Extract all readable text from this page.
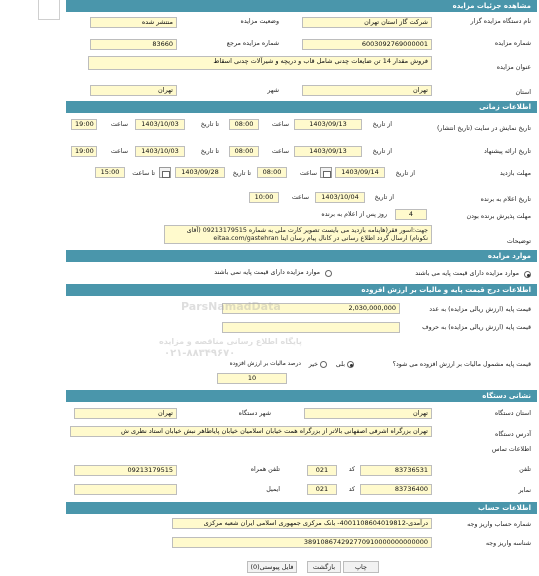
مشاهده جزئیات مزایده
نام دستگاه مزایده گزار
شرکت گاز استان تهران
وضعیت مزایده
منتشر شده
شماره مزایده
6003092769000001
شماره مزایده مرجع
83660
عنوان مزایده
فروش مقدار 14 تن ضایعات چدنی شامل قاب و دریچه و شیرآلات چدنی اسقاط
استان
تهران
شهر
تهران
اطلاعات زمانی
تاریخ نمایش در سایت (تاریخ انتشار)
از تاریخ
1403/09/13
ساعت
08:00
تا تاریخ
1403/10/03
ساعت
19:00
تاریخ ارائه پیشنهاد
از تاریخ
1403/09/13
ساعت
08:00
تا تاریخ
1403/10/03
ساعت
19:00
مهلت بازدید
از تاریخ
1403/09/14
ساعت
08:00
تا تاریخ
1403/09/28
تا ساعت
15:00
تاریخ اعلام به برنده
از تاریخ
1403/10/04
ساعت
10:00
مهلت پذیرش برنده بودن
4
روز پس از اعلام به برنده
توضیحات
جهت:اسور فقر(هاپنامه بازدید می بایست تصویر کارت ملی به شماره 09213179515 (آقای نکونام) ارسال گردد اطلاع رسانی در کانال پیام رسان ایتا eitaa.com/gastehran
موارد مزایده
موارد مزایده دارای قیمت پایه می باشند
موارد مزایده دارای قیمت پایه نمی باشند
اطلاعات درج قیمت پایه و مالیات بر ارزش افزوده
قیمت پایه (ارزش ریالی مزایده) به عدد
2,030,000,000
قیمت پایه (ارزش ریالی مزایده) به حروف
قیمت پایه مشمول مالیات بر ارزش افزوده می شود؟
بلی
خیر
درصد مالیات بر ارزش افزوده
10
نشانی دستگاه
استان دستگاه
تهران
شهر دستگاه
تهران
آدرس دستگاه
تهران بزرگراه اشرفی اصفهانی بالاتر از بزرگراه همت خیابان اسلامیان خیابان پایاطاهر نبش خیابان استاد نظری ش
اطلاعات تماس
تلفن
83736531
کد
021
تلفن همراه
09213179515
نمابر
83736400
کد
021
ایمیل
اطلاعات حساب
شماره حساب واریز وجه
درآمدی-4001108604019812- بانک مرکزی جمهوری اسلامی ایران شعبه مرکزی
شناسه واریز وجه
389108674292770910000000000000
چاپ
بازگشت
فایل پیوستی(0)
ParsNamadData
پایگاه اطلاع رسانی مناقصه و مزایده
۰۲۱-۸۸۳۴۹۶۷۰
